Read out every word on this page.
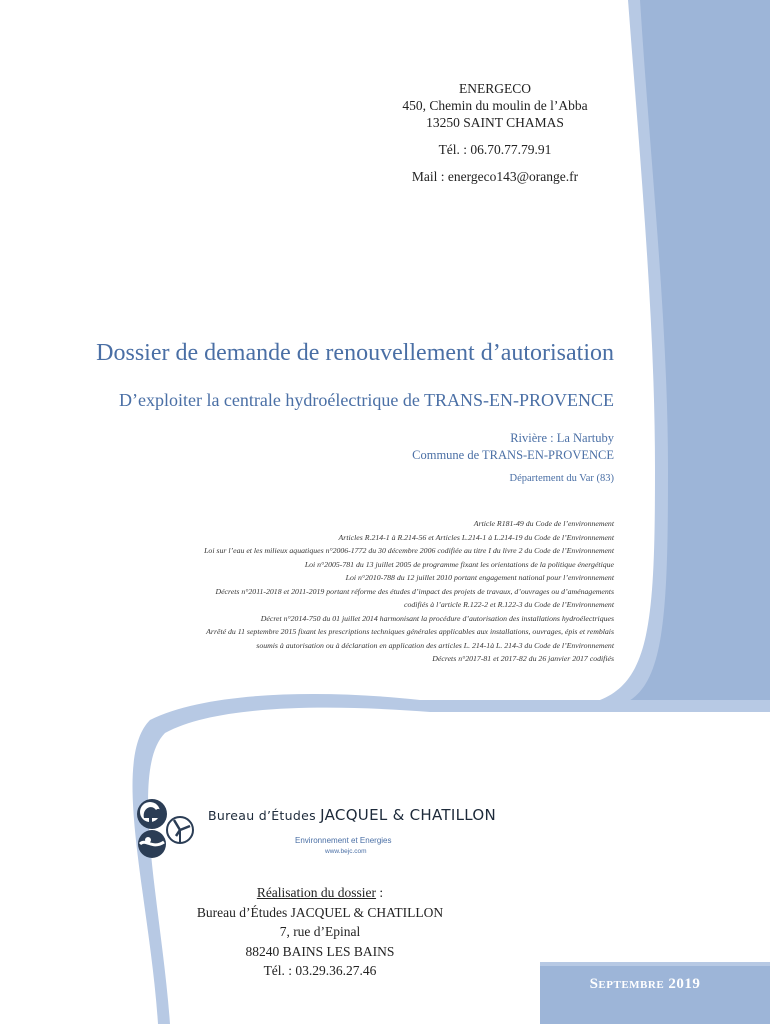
ENERGECO
450, Chemin du moulin de l’Abba
13250 SAINT CHAMAS
Tél. : 06.70.77.79.91
Mail : energeco143@orange.fr
Dossier de demande de renouvellement d’autorisation
D’exploiter la centrale hydroélectrique de TRANS-EN-PROVENCE
Rivière : La Nartuby
Commune de TRANS-EN-PROVENCE
Département du Var (83)
Article R181-49 du Code de l’environnement
Articles R.214-1 à R.214-56 et Articles L.214-1 à L.214-19 du Code de l’Environnement
Loi sur l’eau et les milieux aquatiques n°2006-1772 du 30 décembre 2006 codifiée au titre I du livre 2 du Code de l’Environnement
Loi n°2005-781 du 13 juillet 2005 de programme fixant les orientations de la politique énergétique
Loi n°2010-788 du 12 juillet 2010 portant engagement national pour l’environnement
Décrets n°2011-2018 et 2011-2019 portant réforme des études d’impact des projets de travaux, d’ouvrages ou d’aménagements
codifiés à l’article R.122-2 et R.122-3 du Code de l’Environnement
Décret n°2014-750 du 01 juillet 2014 harmonisant la procédure d’autorisation des installations hydroélectriques
Arrêté du 11 septembre 2015 fixant les prescriptions techniques générales applicables aux installations, ouvrages, épis et remblais
soumis à autorisation ou à déclaration en application des articles L. 214-1à L. 214-3 du Code de l’Environnement
Décrets n°2017-81 et 2017-82 du 26 janvier 2017 codifiés
Bureau d’Études JACQUEL & CHATILLON
Environnement et Energies
www.bejc.com
Réalisation du dossier :
Bureau d’Études JACQUEL & CHATILLON
7, rue d’Epinal
88240 BAINS LES BAINS
Tél. : 03.29.36.27.46
Septembre 2019
